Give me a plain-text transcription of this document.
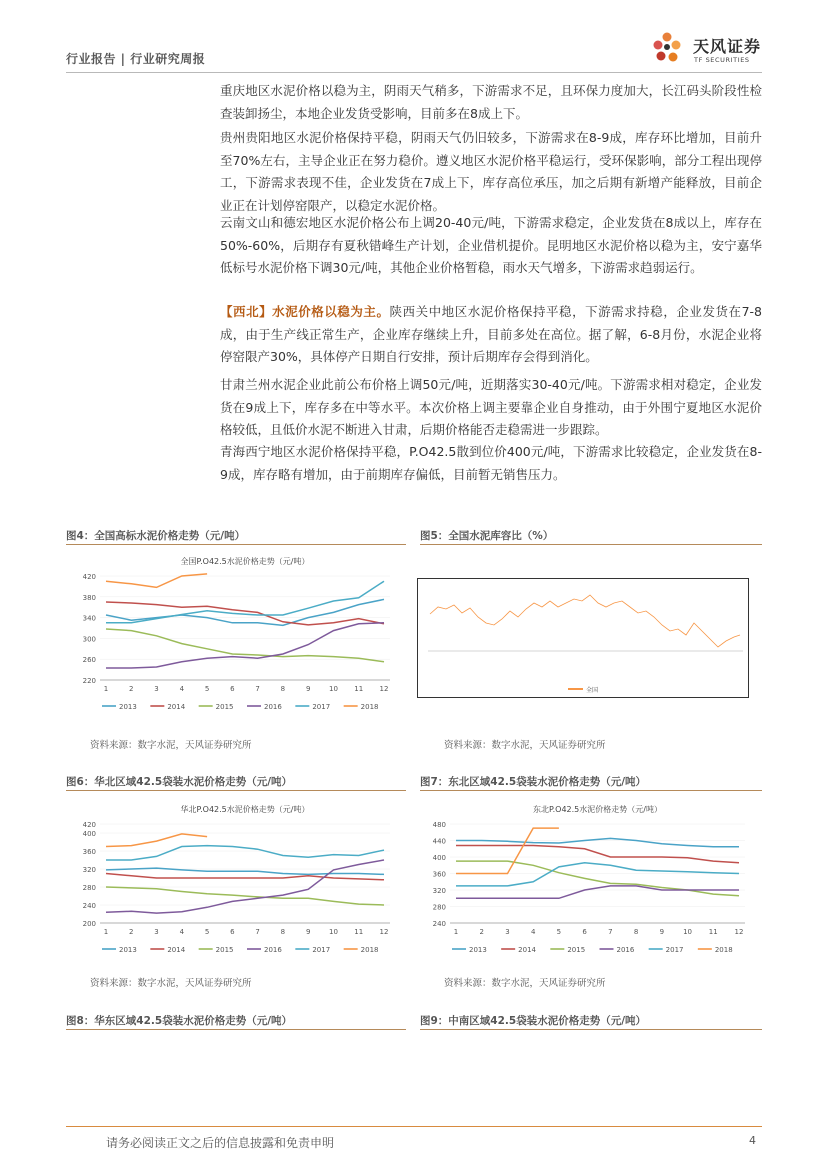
行业报告 | 行业研究周报
天风证券
TF SECURITIES

重庆地区水泥价格以稳为主，阴雨天气稍多，下游需求不足，且环保力度加大，长江码头阶段性检查装卸扬尘，本地企业发货受影响，目前多在8成上下。

贵州贵阳地区水泥价格保持平稳，阴雨天气仍旧较多，下游需求在8-9成，库存环比增加，目前升至70%左右，主导企业正在努力稳价。遵义地区水泥价格平稳运行，受环保影响，部分工程出现停工，下游需求表现不佳，企业发货在7成上下，库存高位承压，加之后期有新增产能释放，目前企业正在计划停窑限产，以稳定水泥价格。

云南文山和德宏地区水泥价格公布上调20-40元/吨，下游需求稳定，企业发货在8成以上，库存在50%-60%，后期存有夏秋错峰生产计划，企业借机提价。昆明地区水泥价格以稳为主，安宁嘉华低标号水泥价格下调30元/吨，其他企业价格暂稳，雨水天气增多，下游需求趋弱运行。

【西北】水泥价格以稳为主。陕西关中地区水泥价格保持平稳，下游需求持稳，企业发货在7-8成，由于生产线正常生产，企业库存继续上升，目前多处在高位。据了解，6-8月份，水泥企业将停窑限产30%，具体停产日期自行安排，预计后期库存会得到消化。

甘肃兰州水泥企业此前公布价格上调50元/吨，近期落实30-40元/吨。下游需求相对稳定，企业发货在9成上下，库存多在中等水平。本次价格上调主要靠企业自身推动，由于外围宁夏地区水泥价格较低，且低价水泥不断进入甘肃，后期价格能否走稳需进一步跟踪。

青海西宁地区水泥价格保持平稳，P.O42.5散到位价400元/吨，下游需求比较稳定，企业发货在8-9成，库存略有增加，由于前期库存偏低，目前暂无销售压力。

图4：全国高标水泥价格走势（元/吨）
全国P.O42.5水泥价格走势（元/吨）
220
260
300
340
380
420
1	2	3	4	5	6	7	8	9	10 11 12
2013	2014	2015	2016	2017	2018
资料来源：数字水泥，天风证券研究所
图5：全国水泥库容比（%）
全国
资料来源：数字水泥，天风证券研究所
图6：华北区域42.5袋装水泥价格走势（元/吨）
华北P.O42.5水泥价格走势（元/吨）
200
240
280
320
360
400
420
1	2	3	4	5	6	7	8	9	10 11 12
2013	2014	2015	2016	2017	2018
资料来源：数字水泥，天风证券研究所
图7：东北区域42.5袋装水泥价格走势（元/吨）
东北P.O42.5水泥价格走势（元/吨）
240
280
320
360
400
440
480
1	2	3	4	5	6	7	8	9	10 11 12
2013	2014	2015	2016	2017	2018
资料来源：数字水泥，天风证券研究所
图8：华东区域42.5袋装水泥价格走势（元/吨）	图9：中南区域42.5袋装水泥价格走势（元/吨）
请务必阅读正文之后的信息披露和免责申明	4
